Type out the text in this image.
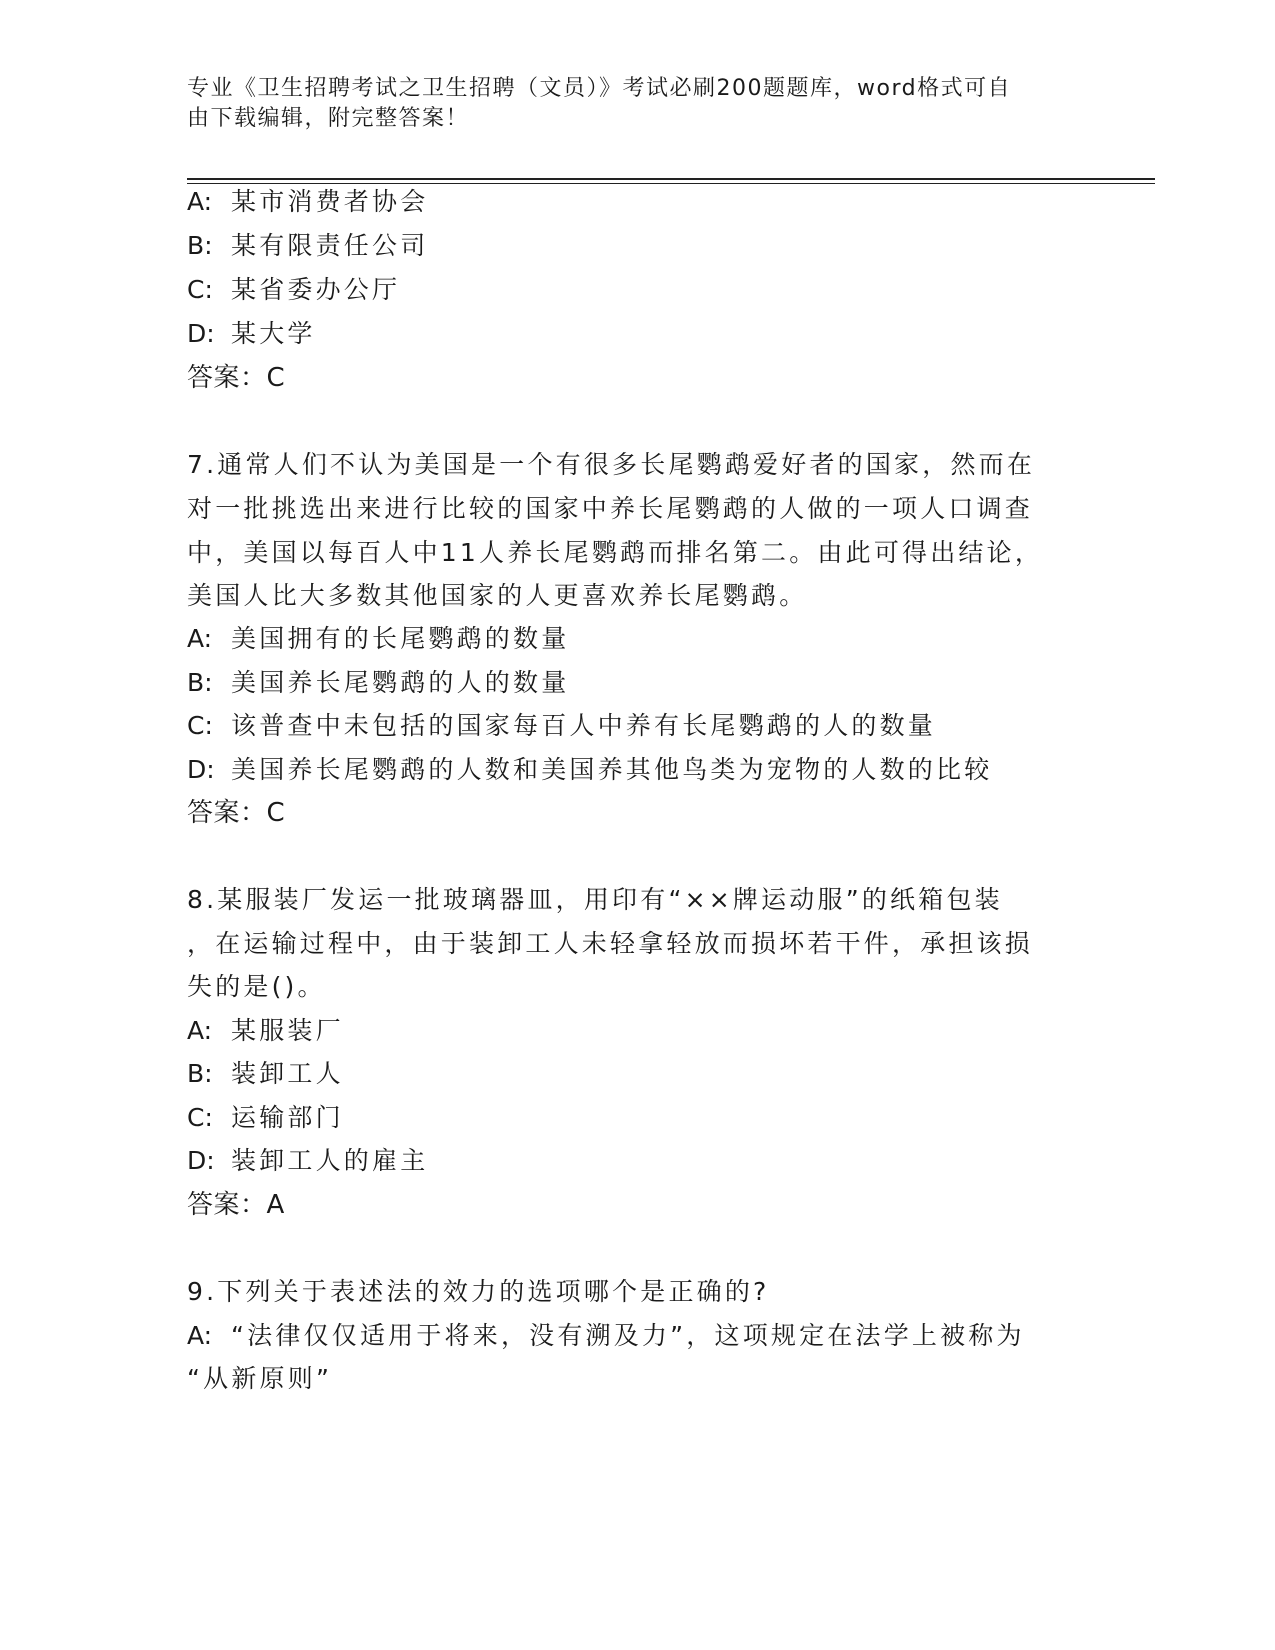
专业《卫生招聘考试之卫生招聘（文员）》考试必刷200题题库，word格式可自
由下载编辑，附完整答案！
A: 某市消费者协会
B: 某有限责任公司
C: 某省委办公厅
D: 某大学
答案：C
7.通常人们不认为美国是一个有很多长尾鹦鹉爱好者的国家，然而在
对一批挑选出来进行比较的国家中养长尾鹦鹉的人做的一项人口调查
中，美国以每百人中11人养长尾鹦鹉而排名第二。由此可得出结论，
美国人比大多数其他国家的人更喜欢养长尾鹦鹉。
A: 美国拥有的长尾鹦鹉的数量
B: 美国养长尾鹦鹉的人的数量
C: 该普查中未包括的国家每百人中养有长尾鹦鹉的人的数量
D: 美国养长尾鹦鹉的人数和美国养其他鸟类为宠物的人数的比较
答案：C
8.某服装厂发运一批玻璃器皿，用印有“××牌运动服”的纸箱包装
，在运输过程中，由于装卸工人未轻拿轻放而损坏若干件，承担该损
失的是()。
A: 某服装厂
B: 装卸工人
C: 运输部门
D: 装卸工人的雇主
答案：A
9.下列关于表述法的效力的选项哪个是正确的?
A: “法律仅仅适用于将来，没有溯及力”，这项规定在法学上被称为
“从新原则”
